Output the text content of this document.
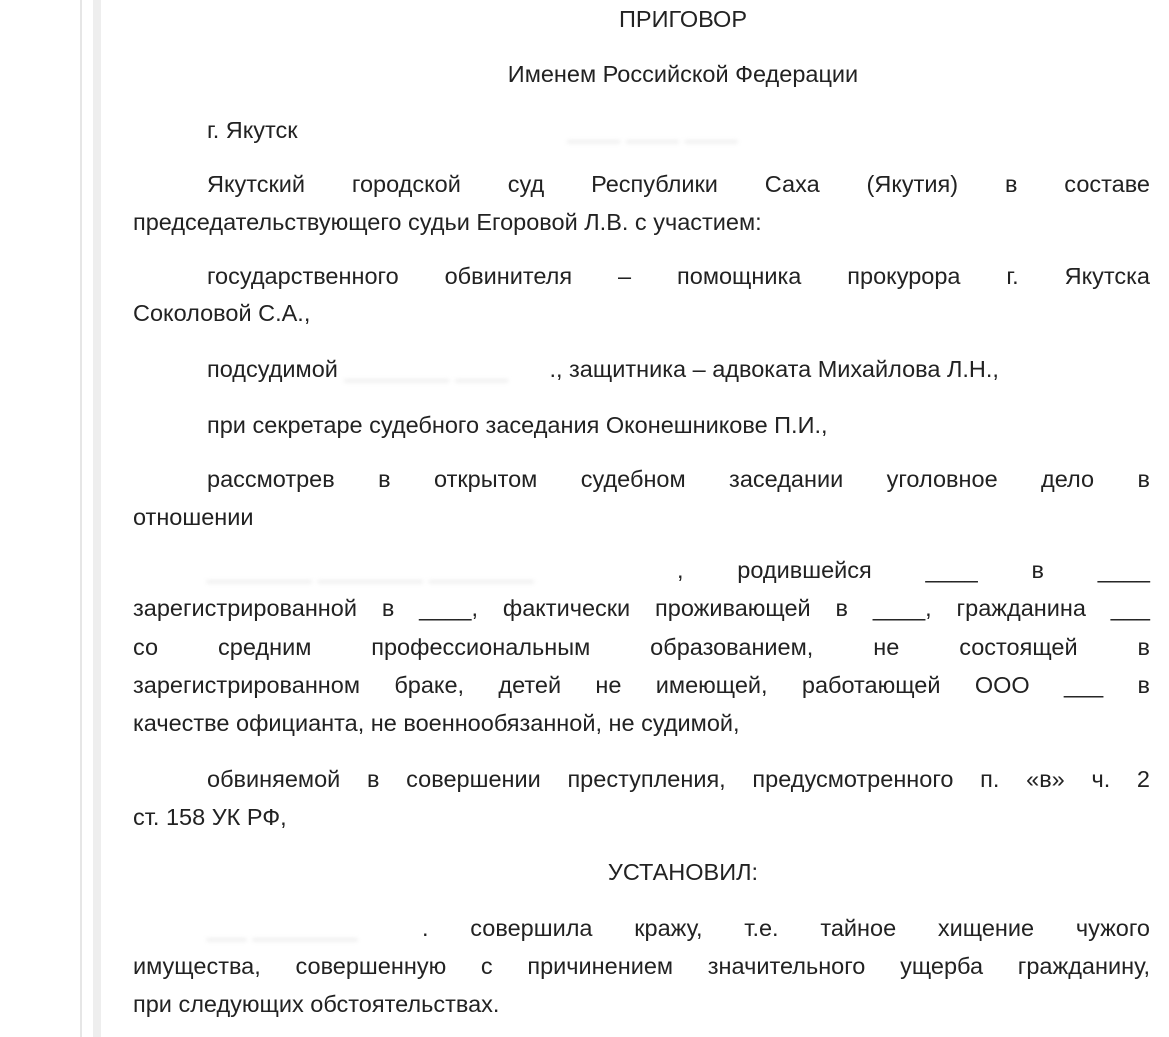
ПРИГОВОР
Именем Российской Федерации
г. Якутск	____ ____ ____
Якутский городской суд Республики Саха (Якутия) в составе
председательствующего судьи Егоровой Л.В. с участием:
государственного обвинителя – помощника прокурора г. Якутска
Соколовой С.А.,
подсудимой ________ ____ ., защитника – адвоката Михайлова Л.Н.,
при секретаре судебного заседания Оконешникове П.И.,
рассмотрев в открытом судебном заседании уголовное дело в
отношении
________ ________ ________	, родившейся ____ в ____
зарегистрированной в ____, фактически проживающей в ____, гражданина ___
со средним профессиональным образованием, не состоящей в
зарегистрированном браке, детей не имеющей, работающей ООО ___ в
качестве официанта, не военнообязанной, не судимой,
обвиняемой в совершении преступления, предусмотренного п. «в» ч. 2
ст. 158 УК РФ,
УСТАНОВИЛ:
___ ________	. совершила кражу, т.е. тайное хищение чужого
имущества, совершенную с причинением значительного ущерба гражданину,
при следующих обстоятельствах.
